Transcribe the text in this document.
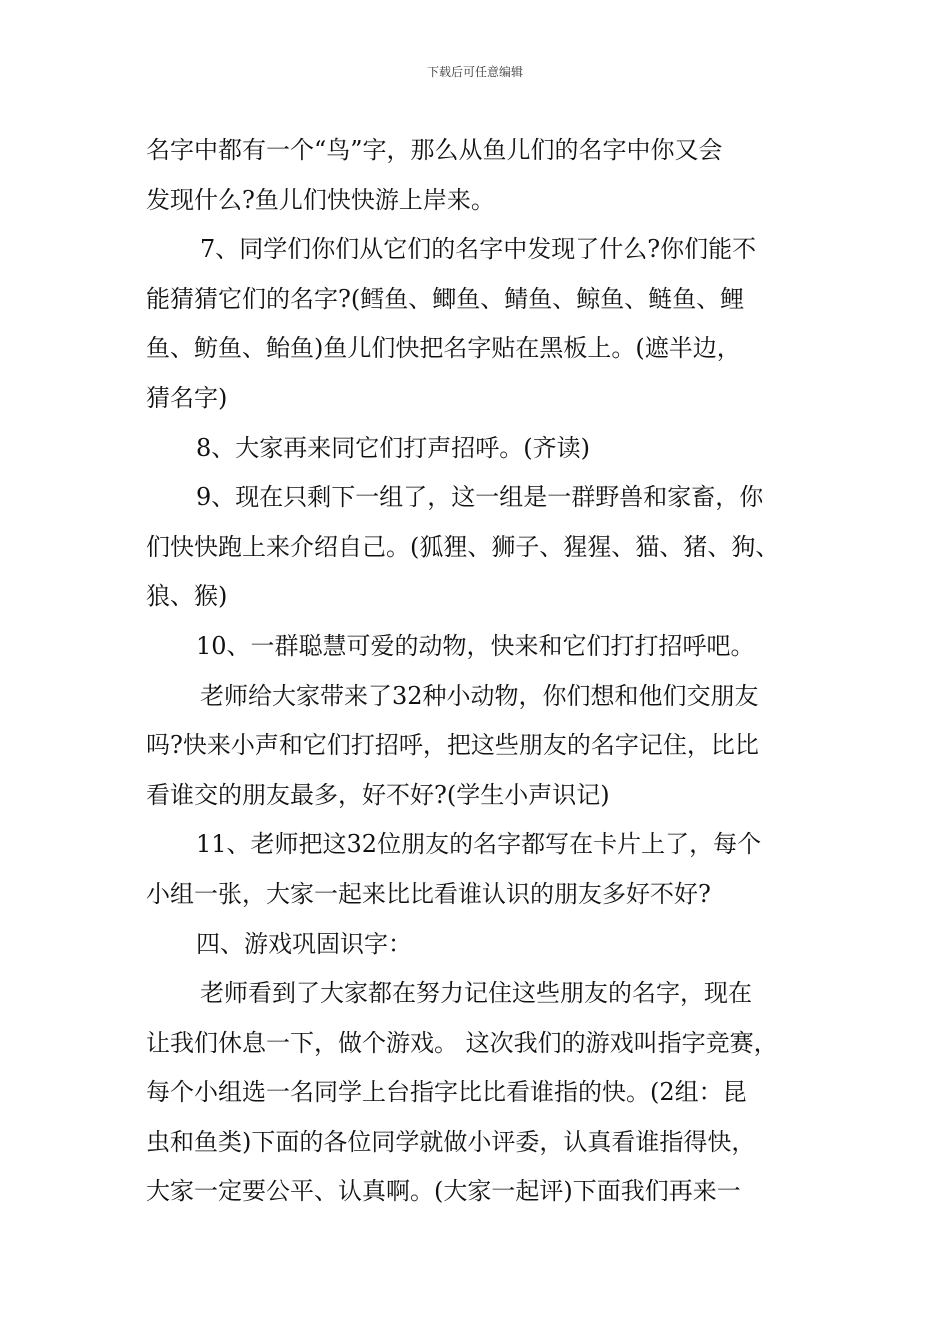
下载后可任意编辑
名字中都有一个“鸟”字，那么从鱼儿们的名字中你又会
发现什么?鱼儿们快快游上岸来。
7、同学们你们从它们的名字中发现了什么?你们能不
能猜猜它们的名字?(鳕鱼、鲫鱼、鲭鱼、鲸鱼、鲢鱼、鲤
鱼、鲂鱼、鲐鱼)鱼儿们快把名字贴在黑板上。(遮半边，
猜名字)
8、大家再来同它们打声招呼。(齐读)
9、现在只剩下一组了，这一组是一群野兽和家畜，你
们快快跑上来介绍自己。(狐狸、狮子、猩猩、猫、猪、狗、
狼、猴)
10、一群聪慧可爱的动物，快来和它们打打招呼吧。
老师给大家带来了32种小动物，你们想和他们交朋友
吗?快来小声和它们打招呼，把这些朋友的名字记住，比比
看谁交的朋友最多，好不好?(学生小声识记)
11、老师把这32位朋友的名字都写在卡片上了，每个
小组一张，大家一起来比比看谁认识的朋友多好不好?
四、游戏巩固识字：
老师看到了大家都在努力记住这些朋友的名字，现在
让我们休息一下，做个游戏。 这次我们的游戏叫指字竞赛，
每个小组选一名同学上台指字比比看谁指的快。(2组：昆
虫和鱼类)下面的各位同学就做小评委，认真看谁指得快，
大家一定要公平、认真啊。(大家一起评)下面我们再来一
